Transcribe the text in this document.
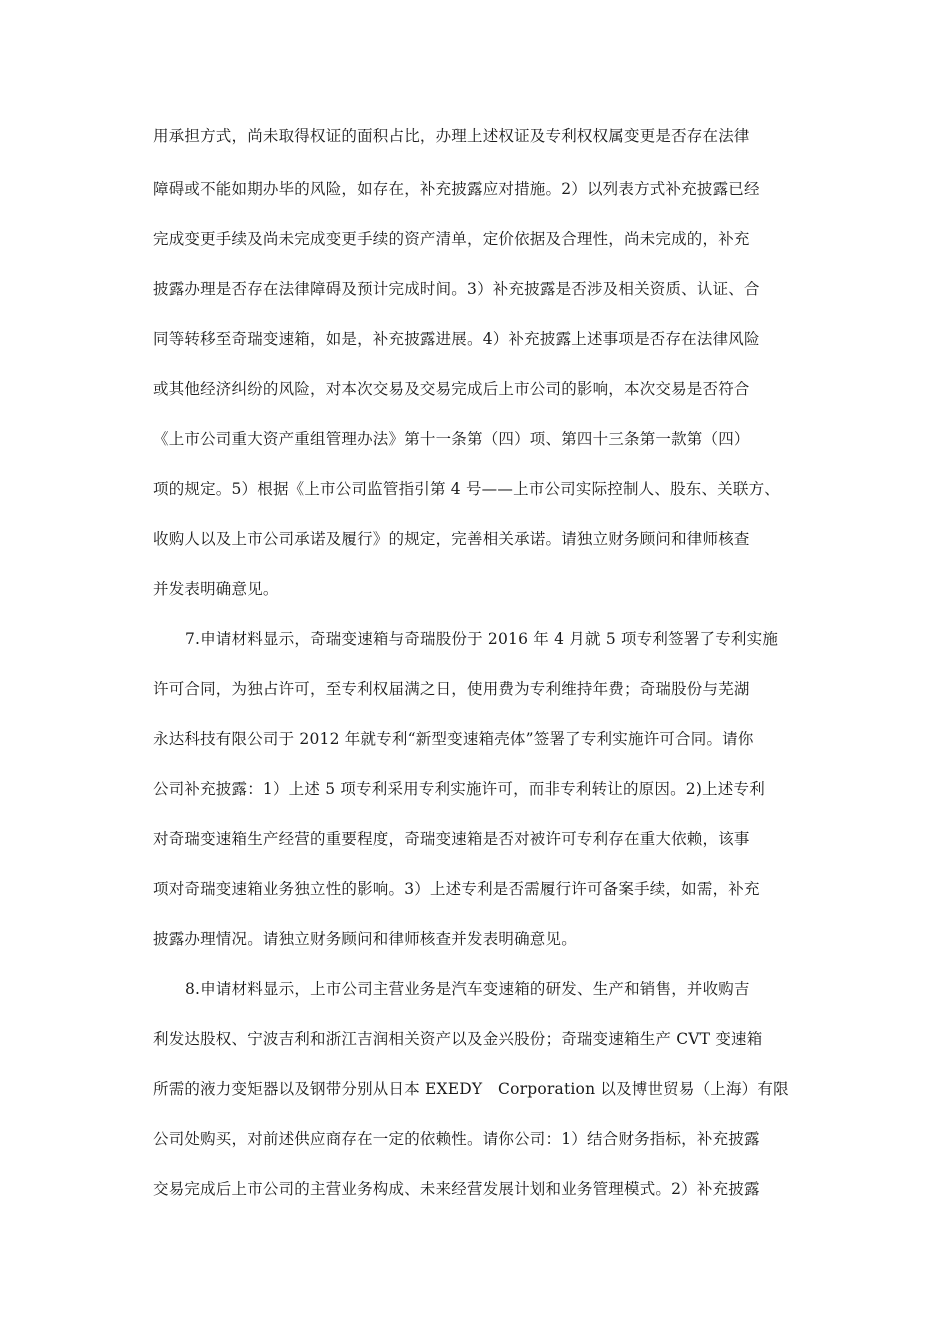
用承担方式，尚未取得权证的面积占比，办理上述权证及专利权权属变更是否存在法律
障碍或不能如期办毕的风险，如存在，补充披露应对措施。2）以列表方式补充披露已经
完成变更手续及尚未完成变更手续的资产清单，定价依据及合理性，尚未完成的，补充
披露办理是否存在法律障碍及预计完成时间。3）补充披露是否涉及相关资质、认证、合
同等转移至奇瑞变速箱，如是，补充披露进展。4）补充披露上述事项是否存在法律风险
或其他经济纠纷的风险，对本次交易及交易完成后上市公司的影响，本次交易是否符合
《上市公司重大资产重组管理办法》第十一条第（四）项、第四十三条第一款第（四）
项的规定。5）根据《上市公司监管指引第 4 号——上市公司实际控制人、股东、关联方、
收购人以及上市公司承诺及履行》的规定，完善相关承诺。请独立财务顾问和律师核查
并发表明确意见。
7.申请材料显示，奇瑞变速箱与奇瑞股份于 2016 年 4 月就 5 项专利签署了专利实施
许可合同，为独占许可，至专利权届满之日，使用费为专利维持年费；奇瑞股份与芜湖
永达科技有限公司于 2012 年就专利“新型变速箱壳体”签署了专利实施许可合同。请你
公司补充披露：1）上述 5 项专利采用专利实施许可，而非专利转让的原因。2)上述专利
对奇瑞变速箱生产经营的重要程度，奇瑞变速箱是否对被许可专利存在重大依赖，该事
项对奇瑞变速箱业务独立性的影响。3）上述专利是否需履行许可备案手续，如需，补充
披露办理情况。请独立财务顾问和律师核查并发表明确意见。
8.申请材料显示，上市公司主营业务是汽车变速箱的研发、生产和销售，并收购吉
利发达股权、宁波吉利和浙江吉润相关资产以及金兴股份；奇瑞变速箱生产 CVT 变速箱
所需的液力变矩器以及钢带分别从日本 EXEDY　Corporation 以及博世贸易（上海）有限
公司处购买，对前述供应商存在一定的依赖性。请你公司：1）结合财务指标，补充披露
交易完成后上市公司的主营业务构成、未来经营发展计划和业务管理模式。2）补充披露
